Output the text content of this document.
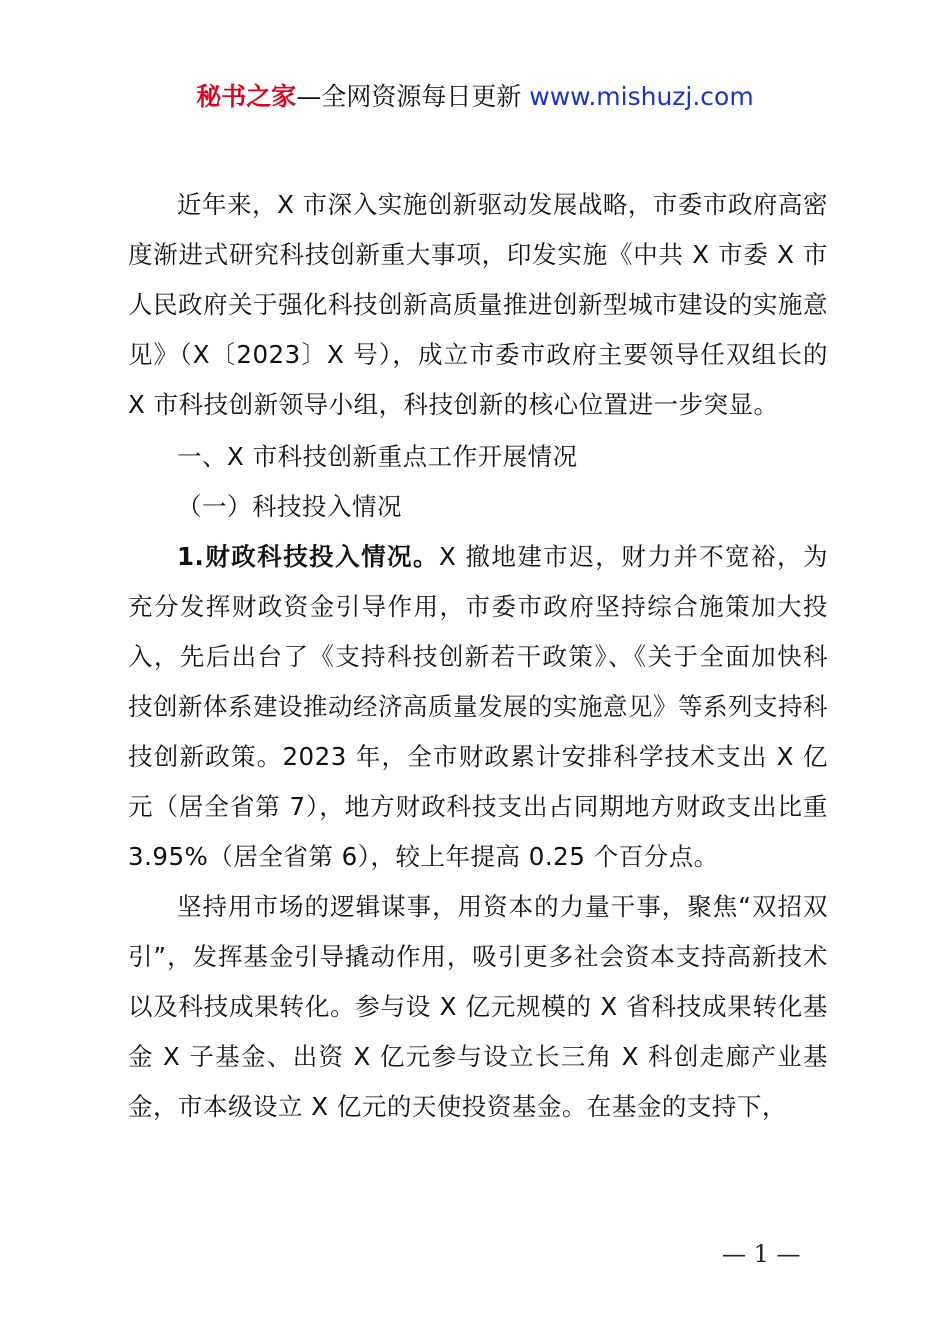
秘书之家—全网资源每日更新 www.mishuzj.com

近年来，X 市深入实施创新驱动发展战略，市委市政府高密度渐进式研究科技创新重大事项，印发实施《中共 X 市委 X 市人民政府关于强化科技创新高质量推进创新型城市建设的实施意见》（X〔2023〕X 号），成立市委市政府主要领导任双组长的 X 市科技创新领导小组，科技创新的核心位置进一步突显。

一、X 市科技创新重点工作开展情况

（一）科技投入情况

1.财政科技投入情况。X 撤地建市迟，财力并不宽裕，为充分发挥财政资金引导作用，市委市政府坚持综合施策加大投入，先后出台了《支持科技创新若干政策》、《关于全面加快科技创新体系建设推动经济高质量发展的实施意见》等系列支持科技创新政策。2023 年，全市财政累计安排科学技术支出 X 亿元（居全省第 7），地方财政科技支出占同期地方财政支出比重 3.95%（居全省第 6），较上年提高 0.25 个百分点。

坚持用市场的逻辑谋事，用资本的力量干事，聚焦“双招双引”，发挥基金引导撬动作用，吸引更多社会资本支持高新技术以及科技成果转化。参与设 X 亿元规模的 X 省科技成果转化基金 X 子基金、出资 X 亿元参与设立长三角 X 科创走廊产业基金，市本级设立 X 亿元的天使投资基金。在基金的支持下，

— 1 —
